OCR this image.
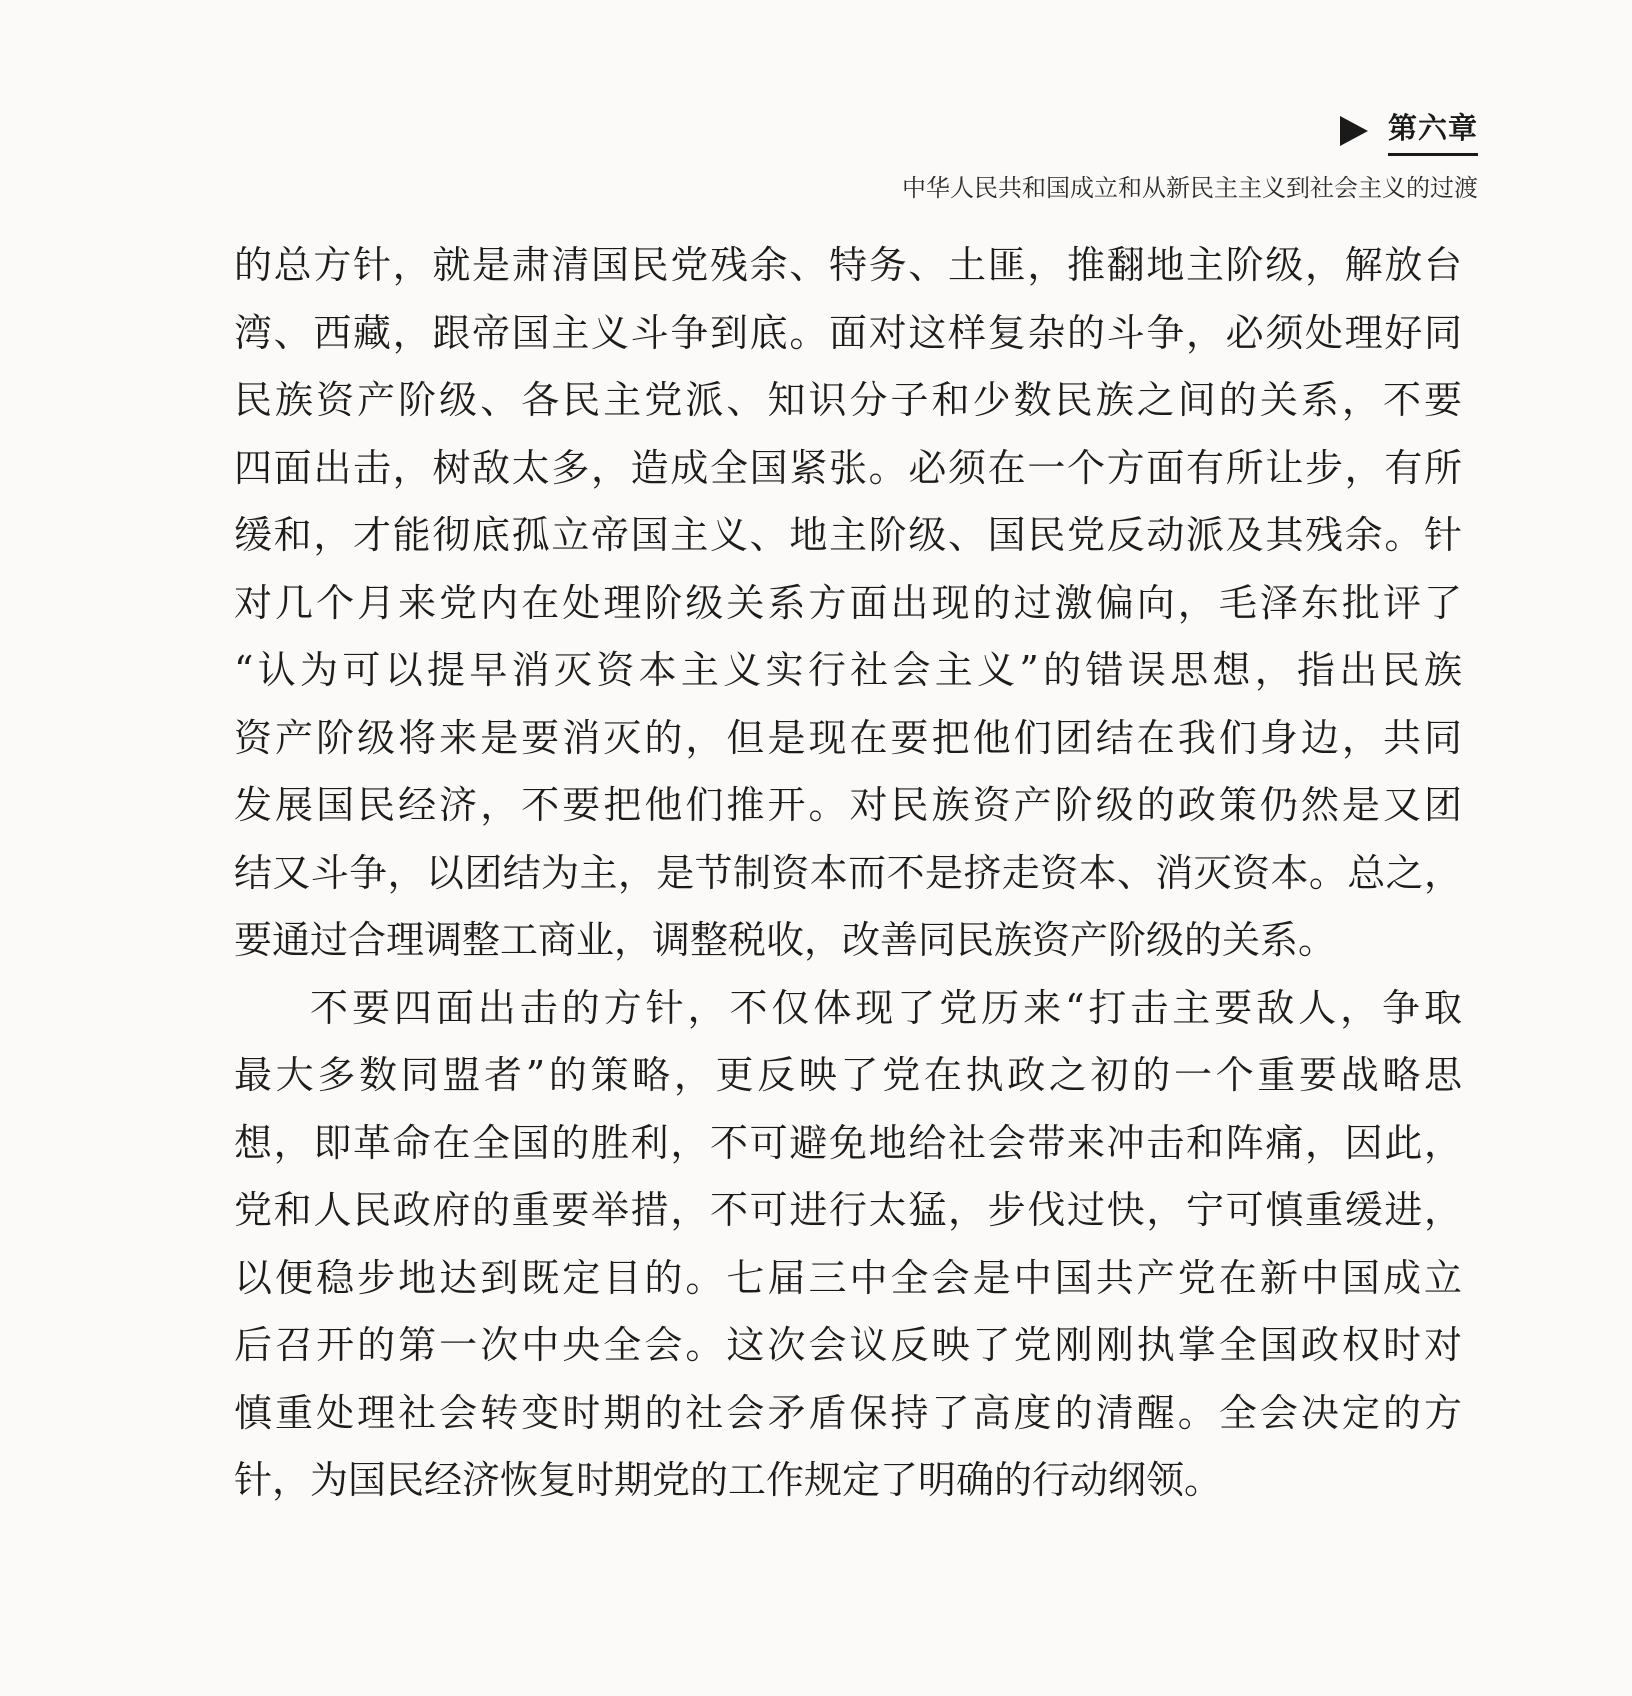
第六章
中华人民共和国成立和从新民主主义到社会主义的过渡
的总方针，就是肃清国民党残余、特务、土匪，推翻地主阶级，解放台
湾、西藏，跟帝国主义斗争到底。面对这样复杂的斗争，必须处理好同
民族资产阶级、各民主党派、知识分子和少数民族之间的关系，不要
四面出击，树敌太多，造成全国紧张。必须在一个方面有所让步，有所
缓和，才能彻底孤立帝国主义、地主阶级、国民党反动派及其残余。针
对几个月来党内在处理阶级关系方面出现的过激偏向，毛泽东批评了
“认为可以提早消灭资本主义实行社会主义”的错误思想，指出民族
资产阶级将来是要消灭的，但是现在要把他们团结在我们身边，共同
发展国民经济，不要把他们推开。对民族资产阶级的政策仍然是又团
结又斗争，以团结为主，是节制资本而不是挤走资本、消灭资本。总之，
要通过合理调整工商业，调整税收，改善同民族资产阶级的关系。
不要四面出击的方针，不仅体现了党历来“打击主要敌人，争取
最大多数同盟者”的策略，更反映了党在执政之初的一个重要战略思
想，即革命在全国的胜利，不可避免地给社会带来冲击和阵痛，因此，
党和人民政府的重要举措，不可进行太猛，步伐过快，宁可慎重缓进，
以便稳步地达到既定目的。七届三中全会是中国共产党在新中国成立
后召开的第一次中央全会。这次会议反映了党刚刚执掌全国政权时对
慎重处理社会转变时期的社会矛盾保持了高度的清醒。全会决定的方
针，为国民经济恢复时期党的工作规定了明确的行动纲领。
